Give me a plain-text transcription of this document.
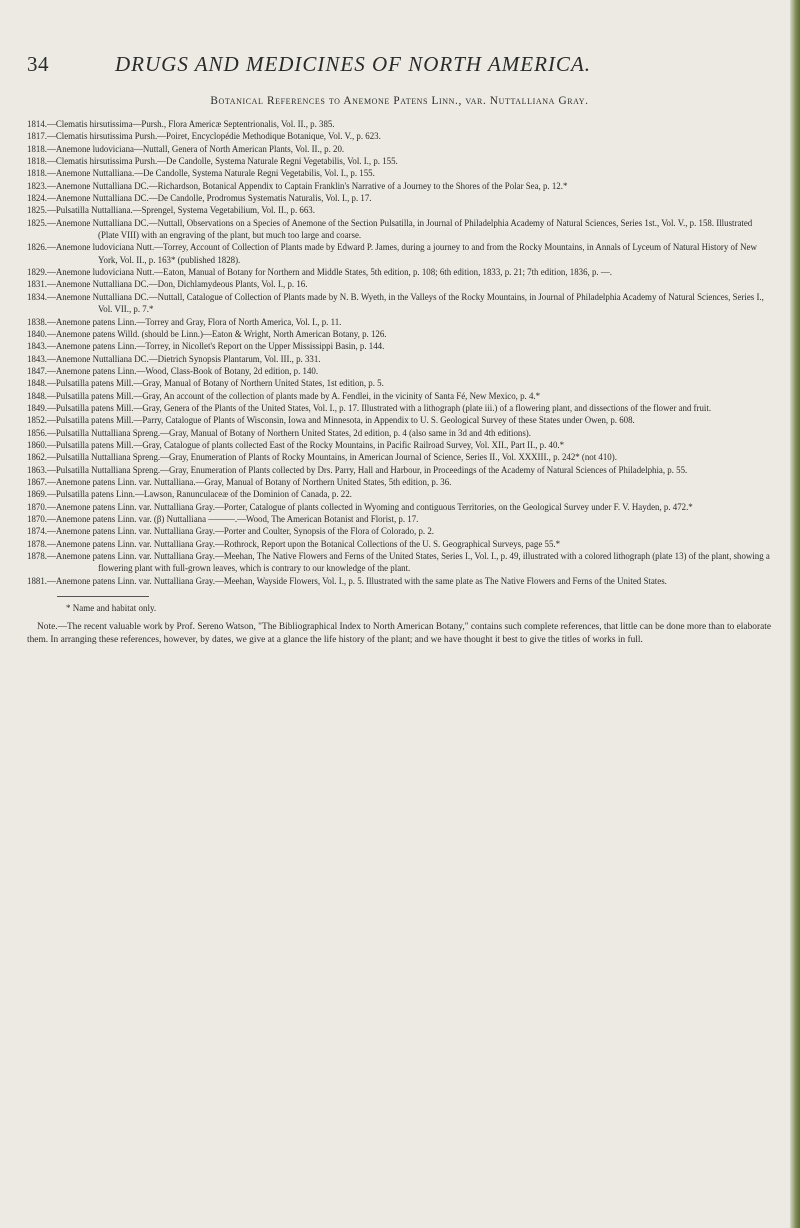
34	DRUGS AND MEDICINES OF NORTH AMERICA.
Botanical References to Anemone Patens Linn., var. Nuttalliana Gray.

1814.—Clematis hirsutissima—Pursh., Flora Americæ Septentrionalis, Vol. II., p. 385.

1817.—Clematis hirsutissima Pursh.—Poiret, Encyclopédie Methodique Botanique, Vol. V., p. 623.

1818.—Anemone ludoviciana—Nuttall, Genera of North American Plants, Vol. II., p. 20.

1818.—Clematis hirsutissima Pursh.—De Candolle, Systema Naturale Regni Vegetabilis, Vol. I., p. 155.

1818.—Anemone Nuttalliana.—De Candolle, Systema Naturale Regni Vegetabilis, Vol. I., p. 155.

1823.—Anemone Nuttalliana DC.—Richardson, Botanical Appendix to Captain Franklin's Narrative of a Journey to the Shores of the Polar Sea, p. 12.*

1824.—Anemone Nuttalliana DC.—De Candolle, Prodromus Systematis Naturalis, Vol. I., p. 17.

1825.—Pulsatilla Nuttalliana.—Sprengel, Systema Vegetabilium, Vol. II., p. 663.

1825.—Anemone Nuttalliana DC.—Nuttall, Observations on a Species of Anemone of the Section Pulsatilla, in Journal of Philadelphia Academy of Natural Sciences, Series 1st., Vol. V., p. 158. Illustrated (Plate VIII) with an engraving of the plant, but much too large and coarse.

1826.—Anemone ludoviciana Nutt.—Torrey, Account of Collection of Plants made by Edward P. James, during a journey to and from the Rocky Mountains, in Annals of Lyceum of Natural History of New York, Vol. II., p. 163* (published 1828).

1829.—Anemone ludoviciana Nutt.—Eaton, Manual of Botany for Northern and Middle States, 5th edition, p. 108; 6th edition, 1833, p. 21; 7th edition, 1836, p. —.

1831.—Anemone Nuttalliana DC.—Don, Dichlamydeous Plants, Vol. I., p. 16.

1834.—Anemone Nuttalliana DC.—Nuttall, Catalogue of Collection of Plants made by N. B. Wyeth, in the Valleys of the Rocky Mountains, in Journal of Philadelphia Academy of Natural Sciences, Series I., Vol. VII., p. 7.*

1838.—Anemone patens Linn.—Torrey and Gray, Flora of North America, Vol. I., p. 11.

1840.—Anemone patens Willd. (should be Linn.)—Eaton & Wright, North American Botany, p. 126.

1843.—Anemone patens Linn.—Torrey, in Nicollet's Report on the Upper Mississippi Basin, p. 144.

1843.—Anemone Nuttalliana DC.—Dietrich Synopsis Plantarum, Vol. III., p. 331.

1847.—Anemone patens Linn.—Wood, Class-Book of Botany, 2d edition, p. 140.

1848.—Pulsatilla patens Mill.—Gray, Manual of Botany of Northern United States, 1st edition, p. 5.

1848.—Pulsatilla patens Mill.—Gray, An account of the collection of plants made by A. Fendlei, in the vicinity of Santa Fé, New Mexico, p. 4.*

1849.—Pulsatilla patens Mill.—Gray, Genera of the Plants of the United States, Vol. I., p. 17. Illustrated with a lithograph (plate iii.) of a flowering plant, and dissections of the flower and fruit.

1852.—Pulsatilla patens Mill.—Parry, Catalogue of Plants of Wisconsin, Iowa and Minnesota, in Appendix to U. S. Geological Survey of these States under Owen, p. 608.

1856.—Pulsatilla Nuttalliana Spreng.—Gray, Manual of Botany of Northern United States, 2d edition, p. 4 (also same in 3d and 4th editions).

1860.—Pulsatilla patens Mill.—Gray, Catalogue of plants collected East of the Rocky Mountains, in Pacific Railroad Survey, Vol. XII., Part II., p. 40.*

1862.—Pulsatilla Nuttalliana Spreng.—Gray, Enumeration of Plants of Rocky Mountains, in American Journal of Science, Series II., Vol. XXXIII., p. 242* (not 410).

1863.—Pulsatilla Nuttalliana Spreng.—Gray, Enumeration of Plants collected by Drs. Parry, Hall and Harbour, in Proceedings of the Academy of Natural Sciences of Philadelphia, p. 55.

1867.—Anemone patens Linn. var. Nuttalliana.—Gray, Manual of Botany of Northern United States, 5th edition, p. 36.

1869.—Pulsatilla patens Linn.—Lawson, Ranunculaceæ of the Dominion of Canada, p. 22.

1870.—Anemone patens Linn. var. Nuttalliana Gray.—Porter, Catalogue of plants collected in Wyoming and contiguous Territories, on the Geological Survey under F. V. Hayden, p. 472.*

1870.—Anemone patens Linn. var. (β) Nuttalliana ———.—Wood, The American Botanist and Florist, p. 17.

1874.—Anemone patens Linn. var. Nuttalliana Gray.—Porter and Coulter, Synopsis of the Flora of Colorado, p. 2.

1878.—Anemone patens Linn. var. Nuttalliana Gray.—Rothrock, Report upon the Botanical Collections of the U. S. Geographical Surveys, page 55.*

1878.—Anemone patens Linn. var. Nuttalliana Gray.—Meehan, The Native Flowers and Ferns of the United States, Series I., Vol. I., p. 49, illustrated with a colored lithograph (plate 13) of the plant, showing a flowering plant with full-grown leaves, which is contrary to our knowledge of the plant.

1881.—Anemone patens Linn. var. Nuttalliana Gray.—Meehan, Wayside Flowers, Vol. I., p. 5. Illustrated with the same plate as The Native Flowers and Ferns of the United States.

* Name and habitat only.
Note.—The recent valuable work by Prof. Sereno Watson, "The Bibliographical Index to North American Botany," contains such complete references, that little can be done more than to elaborate them. In arranging these references, however, by dates, we give at a glance the life history of the plant; and we have thought it best to give the titles of works in full.
